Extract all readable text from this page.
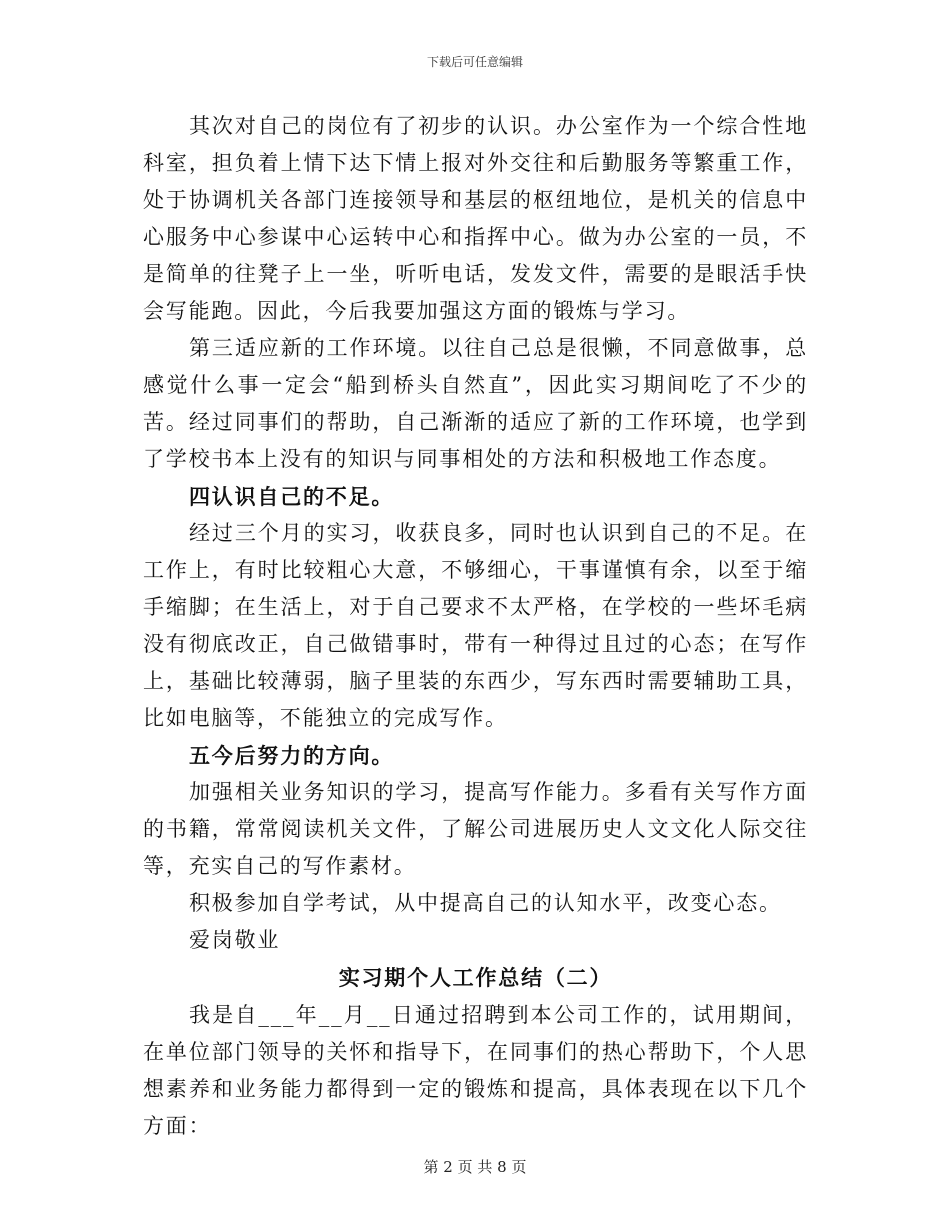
下载后可任意编辑

其次对自己的岗位有了初步的认识。办公室作为一个综合性地科室，担负着上情下达下情上报对外交往和后勤服务等繁重工作，处于协调机关各部门连接领导和基层的枢纽地位，是机关的信息中心服务中心参谋中心运转中心和指挥中心。做为办公室的一员，不是简单的往凳子上一坐，听听电话，发发文件，需要的是眼活手快会写能跑。因此，今后我要加强这方面的锻炼与学习。

第三适应新的工作环境。以往自己总是很懒，不同意做事，总感觉什么事一定会“船到桥头自然直”，因此实习期间吃了不少的苦。经过同事们的帮助，自己渐渐的适应了新的工作环境，也学到了学校书本上没有的知识与同事相处的方法和积极地工作态度。

四认识自己的不足。

经过三个月的实习，收获良多，同时也认识到自己的不足。在工作上，有时比较粗心大意，不够细心，干事谨慎有余，以至于缩手缩脚；在生活上，对于自己要求不太严格，在学校的一些坏毛病没有彻底改正，自己做错事时，带有一种得过且过的心态；在写作上，基础比较薄弱，脑子里装的东西少，写东西时需要辅助工具，比如电脑等，不能独立的完成写作。

五今后努力的方向。

加强相关业务知识的学习，提高写作能力。多看有关写作方面的书籍，常常阅读机关文件，了解公司进展历史人文文化人际交往等，充实自己的写作素材。

积极参加自学考试，从中提高自己的认知水平，改变心态。

爱岗敬业

实习期个人工作总结（二）

我是自___年__月__日通过招聘到本公司工作的，试用期间，在单位部门领导的关怀和指导下，在同事们的热心帮助下，个人思想素养和业务能力都得到一定的锻炼和提高，具体表现在以下几个方面：

第 2 页 共 8 页
